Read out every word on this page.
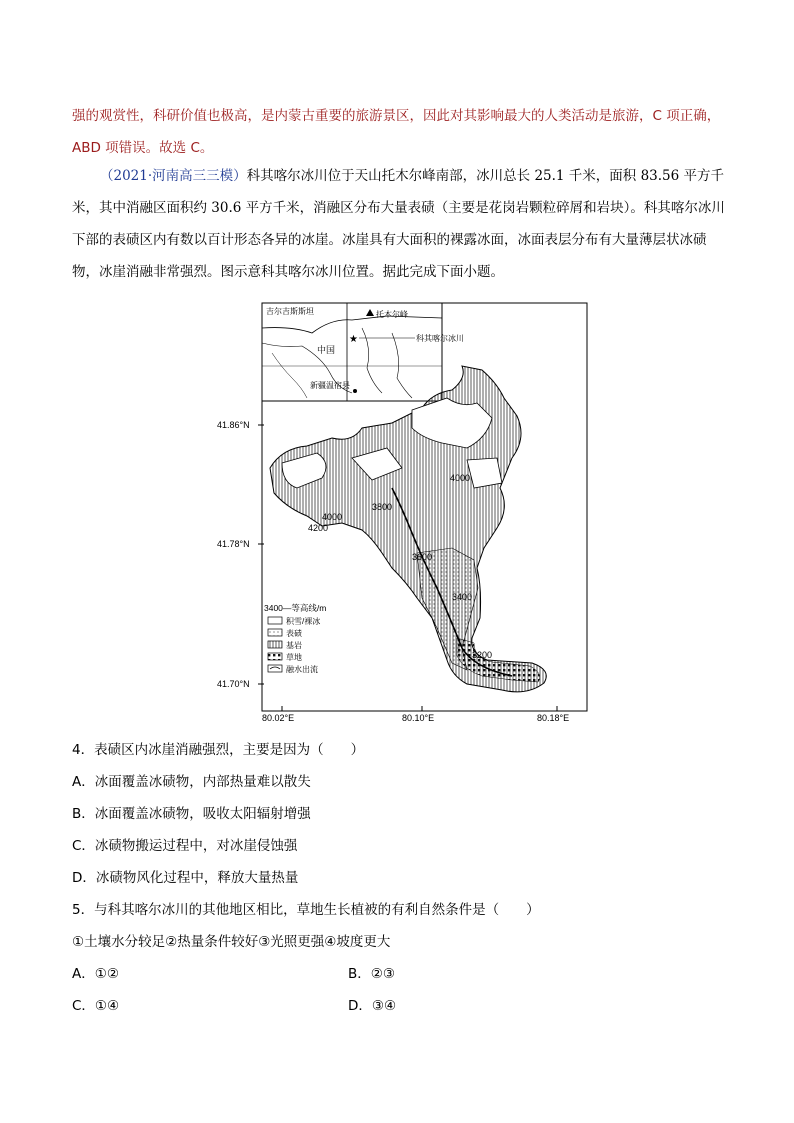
强的观赏性，科研价值也极高，是内蒙古重要的旅游景区，因此对其影响最大的人类活动是旅游，C 项正确，
ABD 项错误。故选 C。
（2021·河南高三三模）科其喀尔冰川位于天山托木尔峰南部，冰川总长 25.1 千米，面积 83.56 平方千米，其中消融区面积约 30.6 平方千米，消融区分布大量表碛（主要是花岗岩颗粒碎屑和岩块）。科其喀尔冰川下部的表碛区内有数以百计形态各异的冰崖。冰崖具有大面积的裸露冰面，冰面表层分布有大量薄层状冰碛物，冰崖消融非常强烈。图示意科其喀尔冰川位置。据此完成下面小题。
吉尔吉斯斯坦	托木尔峰
★	科其喀尔冰川
中国
新疆温宿县
4000
3800
4000
4200
3600
3400
3200
41.86°N
41.78°N
41.70°N
80.02°E	80.10°E	80.18°E
3400—等高线/m
积雪/裸冰
表碛
基岩
草地
融水出流
4．表碛区内冰崖消融强烈，主要是因为（　　）
A．冰面覆盖冰碛物，内部热量难以散失
B．冰面覆盖冰碛物，吸收太阳辐射增强
C．冰碛物搬运过程中，对冰崖侵蚀强
D．冰碛物风化过程中，释放大量热量
5．与科其喀尔冰川的其他地区相比，草地生长植被的有利自然条件是（　　）
①土壤水分较足②热量条件较好③光照更强④坡度更大
A．①②	B．②③
C．①④	D．③④
